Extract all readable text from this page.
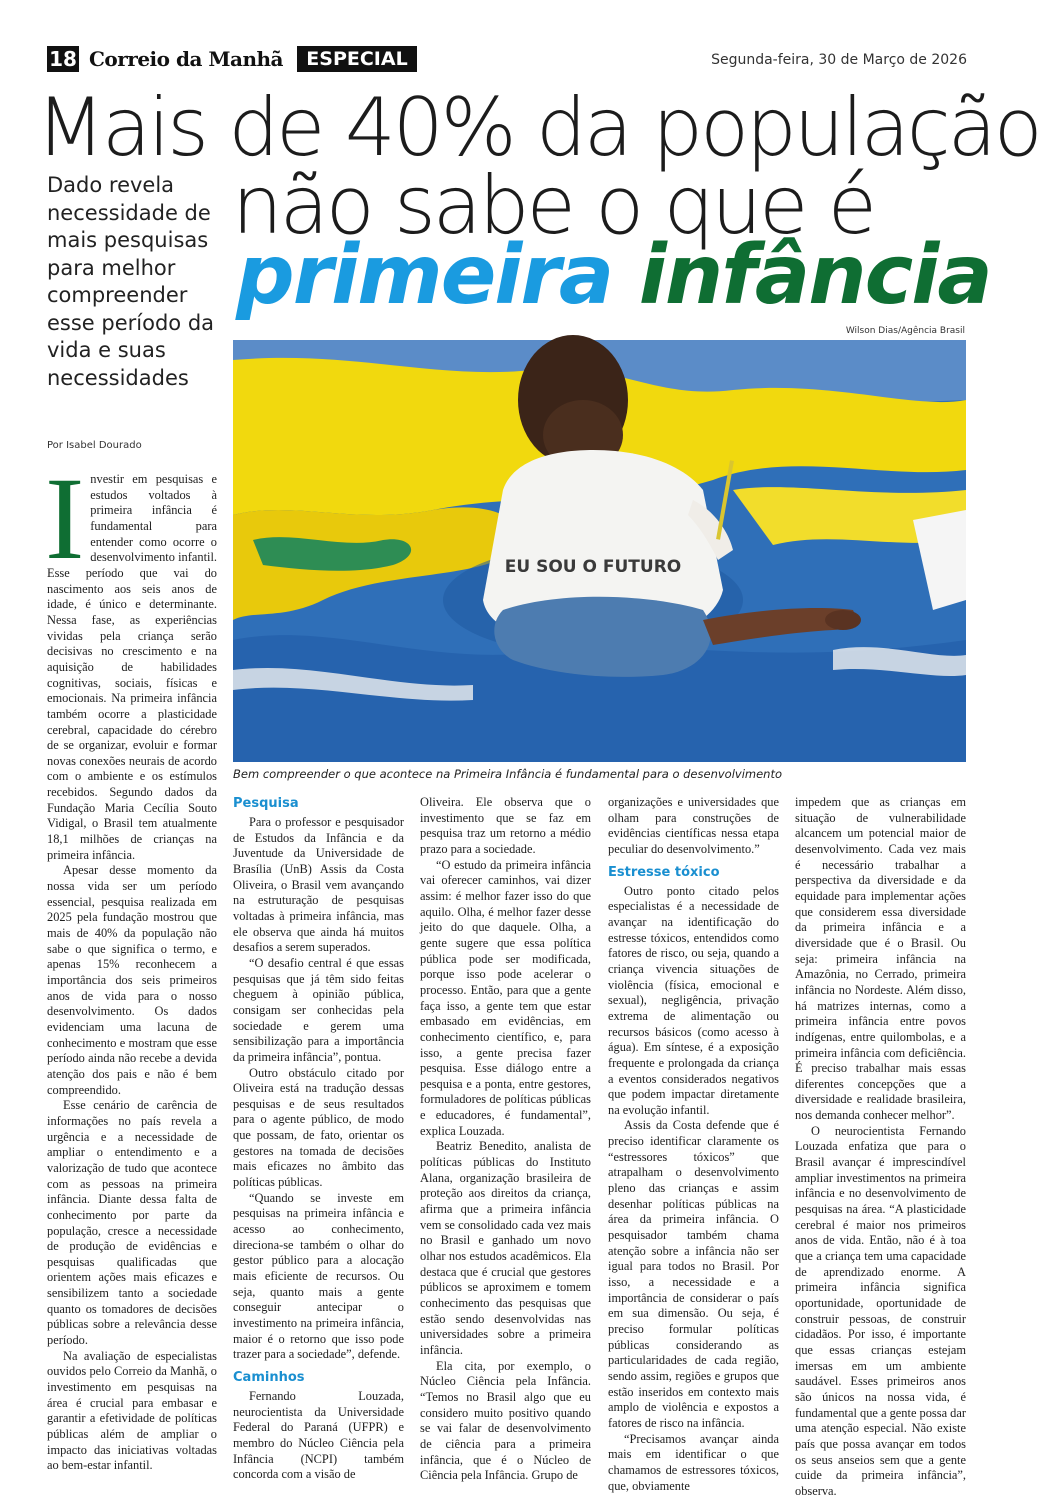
18 Correio da Manhã	ESPECIAL	Segunda-feira, 30 de Março de 2026
Mais de 40% da população
não sabe o que é
primeira infância
Dado revela necessidade de mais pesquisas para melhor compreender esse período da vida e suas necessidades
Por Isabel Dourado
Wilson Dias/Agência Brasil
EU SOU O FUTURO
Bem compreender o que acontece na Primeira Infância é fundamental para o desenvolvimento

Investir em pesquisas e estudos voltados à primeira infância é fundamental para entender como ocorre o desenvolvimento infantil. Esse período que vai do nascimento aos seis anos de idade, é único e determinante. Nessa fase, as experiências vividas pela criança serão decisivas no crescimento e na aquisição de habilidades cognitivas, sociais, físicas e emocionais. Na primeira infância também ocorre a plasticidade cerebral, capacidade do cérebro de se organizar, evoluir e formar novas conexões neurais de acordo com o ambiente e os estímulos recebidos. Segundo dados da Fundação Maria Cecília Souto Vidigal, o Brasil tem atualmente 18,1 milhões de crianças na primeira infância.

Apesar desse momento da nossa vida ser um período essencial, pesquisa realizada em 2025 pela fundação mostrou que mais de 40% da população não sabe o que significa o termo, e apenas 15% reconhecem a importância dos seis primeiros anos de vida para o nosso desenvolvimento. Os dados evidenciam uma lacuna de conhecimento e mostram que esse período ainda não recebe a devida atenção dos pais e não é bem compreendido.

Esse cenário de carência de informações no país revela a urgência e a necessidade de ampliar o entendimento e a valorização de tudo que acontece com as pessoas na primeira infância. Diante dessa falta de conhecimento por parte da população, cresce a necessidade de produção de evidências e pesquisas qualificadas que orientem ações mais eficazes e sensibilizem tanto a sociedade quanto os tomadores de decisões públicas sobre a relevância desse período.

Na avaliação de especialistas ouvidos pelo Correio da Manhã, o investimento em pesquisas na área é crucial para embasar e garantir a efetividade de políticas públicas além de ampliar o impacto das iniciativas voltadas ao bem-estar infantil.

Pesquisa

Para o professor e pesquisador de Estudos da Infância e da Juventude da Universidade de Brasília (UnB) Assis da Costa Oliveira, o Brasil vem avançando na estruturação de pesquisas voltadas à primeira infância, mas ele observa que ainda há muitos desafios a serem superados.

“O desafio central é que essas pesquisas que já têm sido feitas cheguem à opinião pública, consigam ser conhecidas pela sociedade e gerem uma sensibilização para a importância da primeira infância”, pontua.

Outro obstáculo citado por Oliveira está na tradução dessas pesquisas e de seus resultados para o agente público, de modo que possam, de fato, orientar os gestores na tomada de decisões mais eficazes no âmbito das políticas públicas.

“Quando se investe em pesquisas na primeira infância e acesso ao conhecimento, direciona-se também o olhar do gestor público para a alocação mais eficiente de recursos. Ou seja, quanto mais a gente conseguir antecipar o investimento na primeira infância, maior é o retorno que isso pode trazer para a sociedade”, defende.

Caminhos

Fernando Louzada, neurocientista da Universidade Federal do Paraná (UFPR) e membro do Núcleo Ciência pela Infância (NCPI) também concorda com a visão de

Oliveira. Ele observa que o investimento que se faz em pesquisa traz um retorno a médio prazo para a sociedade.

“O estudo da primeira infância vai oferecer caminhos, vai dizer assim: é melhor fazer isso do que aquilo. Olha, é melhor fazer desse jeito do que daquele. Olha, a gente sugere que essa política pública pode ser modificada, porque isso pode acelerar o processo. Então, para que a gente faça isso, a gente tem que estar embasado em evidências, em conhecimento científico, e, para isso, a gente precisa fazer pesquisa. Esse diálogo entre a pesquisa e a ponta, entre gestores, formuladores de políticas públicas e educadores, é fundamental”, explica Louzada.

Beatriz Benedito, analista de políticas públicas do Instituto Alana, organização brasileira de proteção aos direitos da criança, afirma que a primeira infância vem se consolidado cada vez mais no Brasil e ganhado um novo olhar nos estudos acadêmicos. Ela destaca que é crucial que gestores públicos se aproximem e tomem conhecimento das pesquisas que estão sendo desenvolvidas nas universidades sobre a primeira infância.

Ela cita, por exemplo, o Núcleo Ciência pela Infância. “Temos no Brasil algo que eu considero muito positivo quando se vai falar de desenvolvimento de ciência para a primeira infância, que é o Núcleo de Ciência pela Infância. Grupo de

organizações e universidades que olham para construções de evidências científicas nessa etapa peculiar do desenvolvimento.”

Estresse tóxico

Outro ponto citado pelos especialistas é a necessidade de avançar na identificação do estresse tóxicos, entendidos como fatores de risco, ou seja, quando a criança vivencia situações de violência (física, emocional e sexual), negligência, privação extrema de alimentação ou recursos básicos (como acesso à água). Em síntese, é a exposição frequente e prolongada da criança a eventos considerados negativos que podem impactar diretamente na evolução infantil.

Assis da Costa defende que é preciso identificar claramente os “estressores tóxicos” que atrapalham o desenvolvimento pleno das crianças e assim desenhar políticas públicas na área da primeira infância. O pesquisador também chama atenção sobre a infância não ser igual para todos no Brasil. Por isso, a necessidade e a importância de considerar o país em sua dimensão. Ou seja, é preciso formular políticas públicas considerando as particularidades de cada região, sendo assim, regiões e grupos que estão inseridos em contexto mais amplo de violência e expostos a fatores de risco na infância.

“Precisamos avançar ainda mais em identificar o que chamamos de estressores tóxicos, que, obviamente

impedem que as crianças em situação de vulnerabilidade alcancem um potencial maior de desenvolvimento. Cada vez mais é necessário trabalhar a perspectiva da diversidade e da equidade para implementar ações que considerem essa diversidade da primeira infância e a diversidade que é o Brasil. Ou seja: primeira infância na Amazônia, no Cerrado, primeira infância no Nordeste. Além disso, há matrizes internas, como a primeira infância entre povos indígenas, entre quilombolas, e a primeira infância com deficiência. É preciso trabalhar mais essas diferentes concepções que a diversidade e realidade brasileira, nos demanda conhecer melhor”.

O neurocientista Fernando Louzada enfatiza que para o Brasil avançar é imprescindível ampliar investimentos na primeira infância e no desenvolvimento de pesquisas na área. “A plasticidade cerebral é maior nos primeiros anos de vida. Então, não é à toa que a criança tem uma capacidade de aprendizado enorme. A primeira infância significa oportunidade, oportunidade de construir pessoas, de construir cidadãos. Por isso, é importante que essas crianças estejam imersas em um ambiente saudável. Esses primeiros anos são únicos na nossa vida, é fundamental que a gente possa dar uma atenção especial. Não existe país que possa avançar em todos os seus anseios sem que a gente cuide da primeira infância”, observa.
